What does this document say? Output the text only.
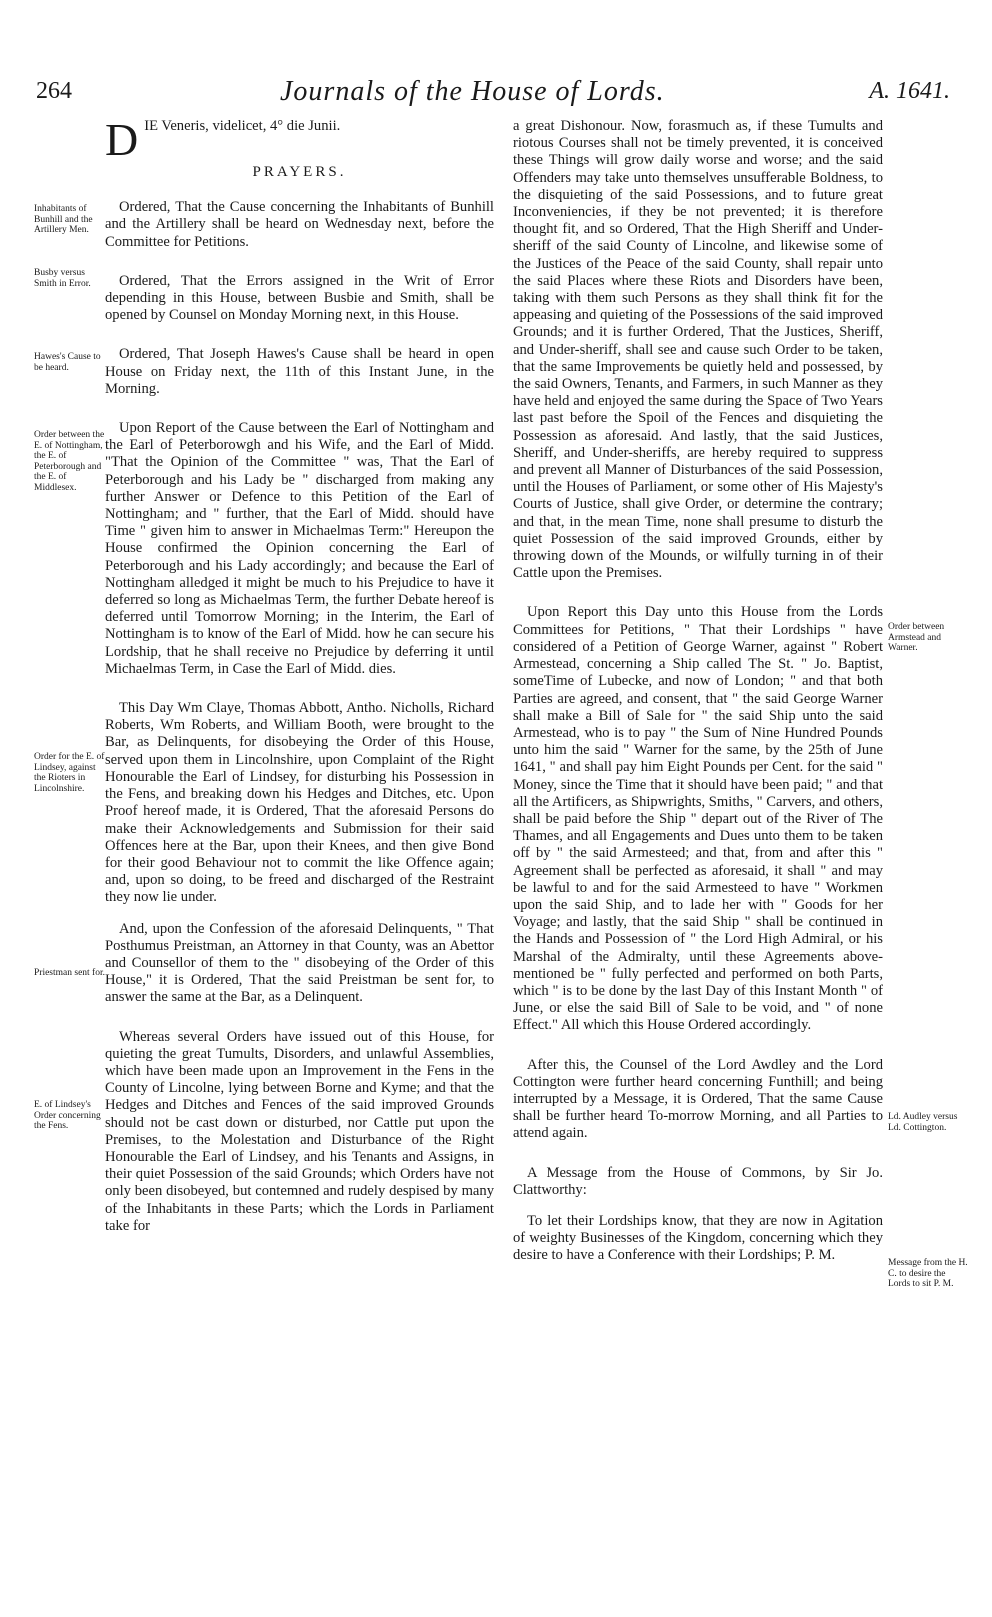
264	Journals of the House of Lords.	A. 1641.
Inhabitants of Bunhill and the Artillery Men.
Busby versus Smith in Error.
Hawes's Cause to be heard.
Order between the E. of Nottingham, the E. of Peterborough and the E. of Middlesex.
Order for the E. of Lindsey, against the Rioters in Lincolnshire.
Priestman sent for.
E. of Lindsey's Order concerning the Fens.
D IE Veneris, videlicet, 4° die Junii.
PRAYERS.

Ordered, That the Cause concerning the Inhabitants of Bunhill and the Artillery shall be heard on Wednesday next, before the Committee for Petitions.

Ordered, That the Errors assigned in the Writ of Error depending in this House, between Busbie and Smith, shall be opened by Counsel on Monday Morning next, in this House.

Ordered, That Joseph Hawes's Cause shall be heard in open House on Friday next, the 11th of this Instant June, in the Morning.

Upon Report of the Cause between the Earl of Nottingham and the Earl of Peterborowgh and his Wife, and the Earl of Midd. "That the Opinion of the Committee " was, That the Earl of Peterborough and his Lady be " discharged from making any further Answer or Defence to this Petition of the Earl of Nottingham; and " further, that the Earl of Midd. should have Time " given him to answer in Michaelmas Term:" Hereupon the House confirmed the Opinion concerning the Earl of Peterborough and his Lady accordingly; and because the Earl of Nottingham alledged it might be much to his Prejudice to have it deferred so long as Michaelmas Term, the further Debate hereof is deferred until Tomorrow Morning; in the Interim, the Earl of Nottingham is to know of the Earl of Midd. how he can secure his Lordship, that he shall receive no Prejudice by deferring it until Michaelmas Term, in Case the Earl of Midd. dies.

This Day Wm Claye, Thomas Abbott, Antho. Nicholls, Richard Roberts, Wm Roberts, and William Booth, were brought to the Bar, as Delinquents, for disobeying the Order of this House, served upon them in Lincolnshire, upon Complaint of the Right Honourable the Earl of Lindsey, for disturbing his Possession in the Fens, and breaking down his Hedges and Ditches, etc. Upon Proof hereof made, it is Ordered, That the aforesaid Persons do make their Acknowledgements and Submission for their said Offences here at the Bar, upon their Knees, and then give Bond for their good Behaviour not to commit the like Offence again; and, upon so doing, to be freed and discharged of the Restraint they now lie under.

And, upon the Confession of the aforesaid Delinquents, " That Posthumus Preistman, an Attorney in that County, was an Abettor and Counsellor of them to the " disobeying of the Order of this House," it is Ordered, That the said Preistman be sent for, to answer the same at the Bar, as a Delinquent.

Whereas several Orders have issued out of this House, for quieting the great Tumults, Disorders, and unlawful Assemblies, which have been made upon an Improvement in the Fens in the County of Lincolne, lying between Borne and Kyme; and that the Hedges and Ditches and Fences of the said improved Grounds should not be cast down or disturbed, nor Cattle put upon the Premises, to the Molestation and Disturbance of the Right Honourable the Earl of Lindsey, and his Tenants and Assigns, in their quiet Possession of the said Grounds; which Orders have not only been disobeyed, but contemned and rudely despised by many of the Inhabitants in these Parts; which the Lords in Parliament take for

a great Dishonour. Now, forasmuch as, if these Tumults and riotous Courses shall not be timely prevented, it is conceived these Things will grow daily worse and worse; and the said Offenders may take unto themselves unsufferable Boldness, to the disquieting of the said Possessions, and to future great Inconveniencies, if they be not prevented; it is therefore thought fit, and so Ordered, That the High Sheriff and Under-sheriff of the said County of Lincolne, and likewise some of the Justices of the Peace of the said County, shall repair unto the said Places where these Riots and Disorders have been, taking with them such Persons as they shall think fit for the appeasing and quieting of the Possessions of the said improved Grounds; and it is further Ordered, That the Justices, Sheriff, and Under-sheriff, shall see and cause such Order to be taken, that the same Improvements be quietly held and possessed, by the said Owners, Tenants, and Farmers, in such Manner as they have held and enjoyed the same during the Space of Two Years last past before the Spoil of the Fences and disquieting the Possession as aforesaid. And lastly, that the said Justices, Sheriff, and Under-sheriffs, are hereby required to suppress and prevent all Manner of Disturbances of the said Possession, until the Houses of Parliament, or some other of His Majesty's Courts of Justice, shall give Order, or determine the contrary; and that, in the mean Time, none shall presume to disturb the quiet Possession of the said improved Grounds, either by throwing down of the Mounds, or wilfully turning in of their Cattle upon the Premises.

Upon Report this Day unto this House from the Lords Committees for Petitions, " That their Lordships " have considered of a Petition of George Warner, against " Robert Armestead, concerning a Ship called The St. " Jo. Baptist, someTime of Lubecke, and now of London; " and that both Parties are agreed, and consent, that " the said George Warner shall make a Bill of Sale for " the said Ship unto the said Armestead, who is to pay " the Sum of Nine Hundred Pounds unto him the said " Warner for the same, by the 25th of June 1641, " and shall pay him Eight Pounds per Cent. for the said " Money, since the Time that it should have been paid; " and that all the Artificers, as Shipwrights, Smiths, " Carvers, and others, shall be paid before the Ship " depart out of the River of The Thames, and all Engagements and Dues unto them to be taken off by " the said Armesteed; and that, from and after this " Agreement shall be perfected as aforesaid, it shall " and may be lawful to and for the said Armesteed to have " Workmen upon the said Ship, and to lade her with " Goods for her Voyage; and lastly, that the said Ship " shall be continued in the Hands and Possession of " the Lord High Admiral, or his Marshal of the Admiralty, until these Agreements above-mentioned be " fully perfected and performed on both Parts, which " is to be done by the last Day of this Instant Month " of June, or else the said Bill of Sale to be void, and " of none Effect." All which this House Ordered accordingly.

After this, the Counsel of the Lord Awdley and the Lord Cottington were further heard concerning Funthill; and being interrupted by a Message, it is Ordered, That the same Cause shall be further heard To-morrow Morning, and all Parties to attend again.

A Message from the House of Commons, by Sir Jo. Clattworthy:

To let their Lordships know, that they are now in Agitation of weighty Businesses of the Kingdom, concerning which they desire to have a Conference with their Lordships; P. M.

Order between Armstead and Warner.
Ld. Audley versus Ld. Cottington.
Message from the H. C. to desire the Lords to sit P. M.
